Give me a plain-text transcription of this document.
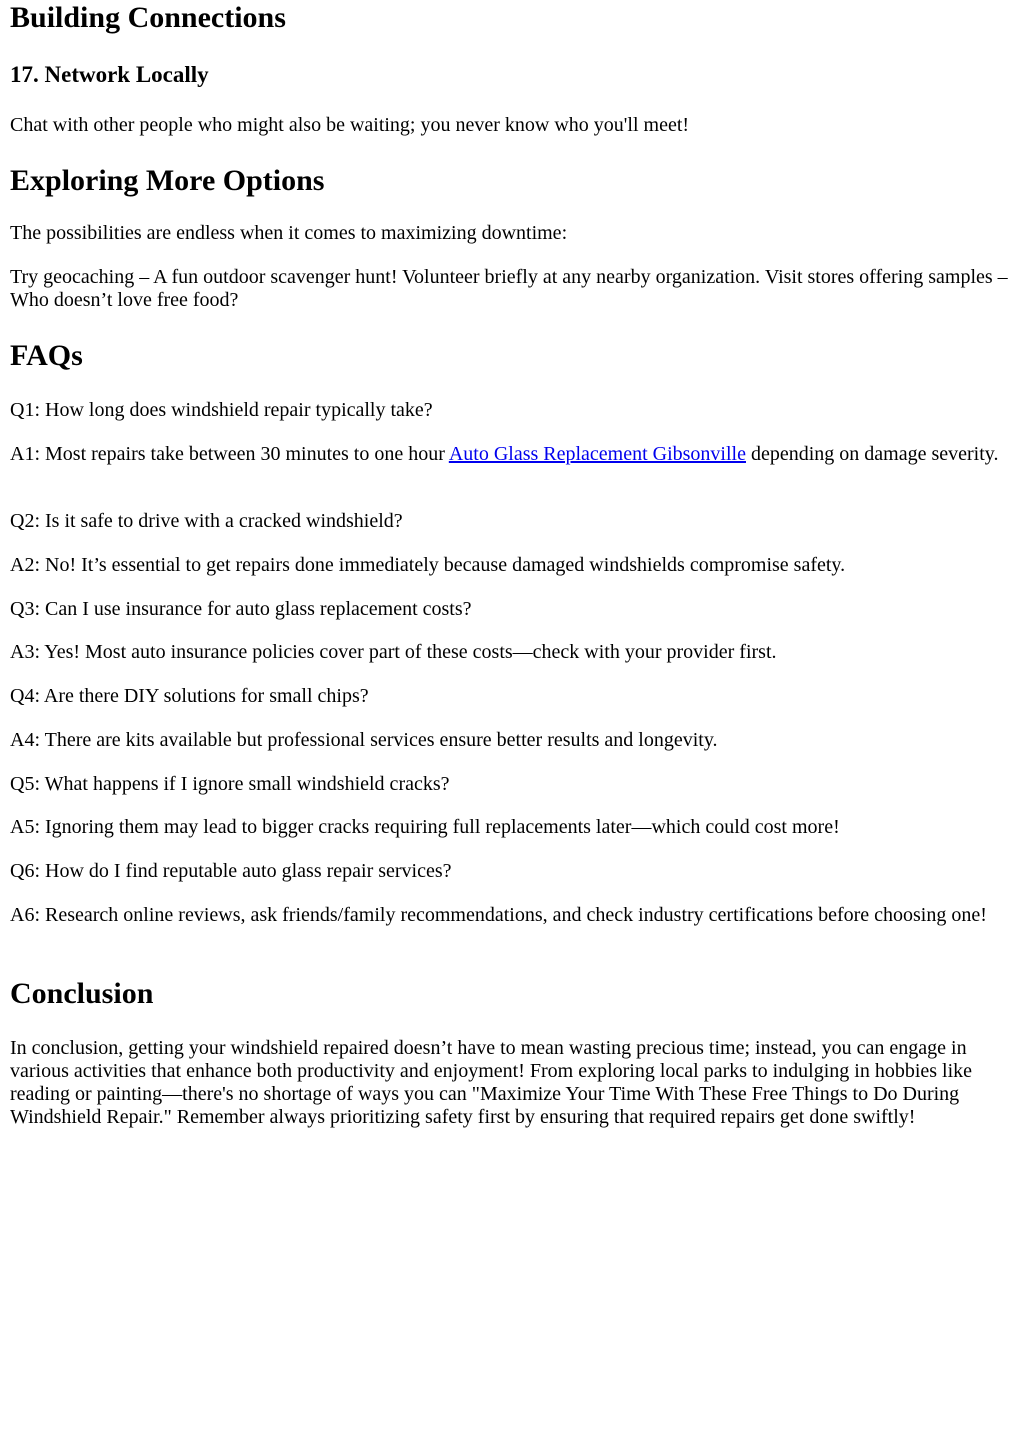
Building Connections
17. Network Locally

Chat with other people who might also be waiting; you never know who you'll meet!

Exploring More Options

The possibilities are endless when it comes to maximizing downtime:

Try geocaching – A fun outdoor scavenger hunt! Volunteer briefly at any nearby organization. Visit stores offering samples – Who doesn’t love free food?

FAQs

Q1: How long does windshield repair typically take?

A1: Most repairs take between 30 minutes to one hour Auto Glass Replacement Gibsonville depending on damage severity.

Q2: Is it safe to drive with a cracked windshield?

A2: No! It’s essential to get repairs done immediately because damaged windshields compromise safety.

Q3: Can I use insurance for auto glass replacement costs?

A3: Yes! Most auto insurance policies cover part of these costs—check with your provider first.

Q4: Are there DIY solutions for small chips?

A4: There are kits available but professional services ensure better results and longevity.

Q5: What happens if I ignore small windshield cracks?

A5: Ignoring them may lead to bigger cracks requiring full replacements later—which could cost more!

Q6: How do I find reputable auto glass repair services?

A6: Research online reviews, ask friends/family recommendations, and check industry certifications before choosing one!

Conclusion

In conclusion, getting your windshield repaired doesn’t have to mean wasting precious time; instead, you can engage in various activities that enhance both productivity and enjoyment! From exploring local parks to indulging in hobbies like reading or painting—there's no shortage of ways you can "Maximize Your Time With These Free Things to Do During Windshield Repair." Remember always prioritizing safety first by ensuring that required repairs get done swiftly!
